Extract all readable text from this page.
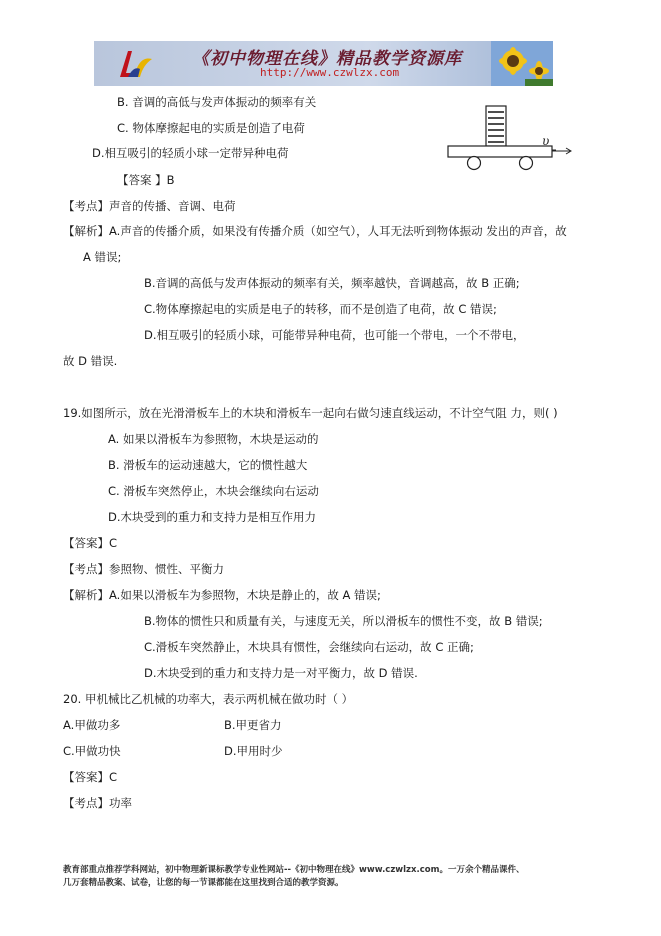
《初中物理在线》精品教学资源库
http://www.czwlzx.com
υ
B. 音调的高低与发声体振动的频率有关
C. 物体摩擦起电的实质是创造了电荷
D.相互吸引的轻质小球一定带异种电荷
【答案 】B
【考点】声音的传播、音调、电荷
【解析】A.声音的传播介质，如果没有传播介质（如空气），人耳无法听到物体振动 发出的声音，故
A 错误;
B.音调的高低与发声体振动的频率有关，频率越快，音调越高，故 B 正确;
C.物体摩擦起电的实质是电子的转移，而不是创造了电荷，故 C 错误;
D.相互吸引的轻质小球，可能带异种电荷，也可能一个带电，一个不带电，
故 D 错误.
19.如图所示，放在光滑滑板车上的木块和滑板车一起向右做匀速直线运动，不计空气阻 力，则( )
A. 如果以滑板车为参照物，木块是运动的
B. 滑板车的运动速越大，它的惯性越大
C. 滑板车突然停止，木块会继续向右运动
D.木块受到的重力和支持力是相互作用力
【答案】C
【考点】参照物、惯性、平衡力
【解析】A.如果以滑板车为参照物，木块是静止的，故 A 错误;
B.物体的惯性只和质量有关，与速度无关，所以滑板车的惯性不变，故 B 错误;
C.滑板车突然静止，木块具有惯性，会继续向右运动，故 C 正确;
D.木块受到的重力和支持力是一对平衡力，故 D 错误.
20. 甲机械比乙机械的功率大，表示两机械在做功时（ ）
A.甲做功多	B.甲更省力
C.甲做功快	D.甲用时少
【答案】C
【考点】功率
教育部重点推荐学科网站，初中物理新课标教学专业性网站--《初中物理在线》www.czwlzx.com。一万余个精品课件、
几万套精品教案、试卷，让您的每一节课都能在这里找到合适的教学资源。
